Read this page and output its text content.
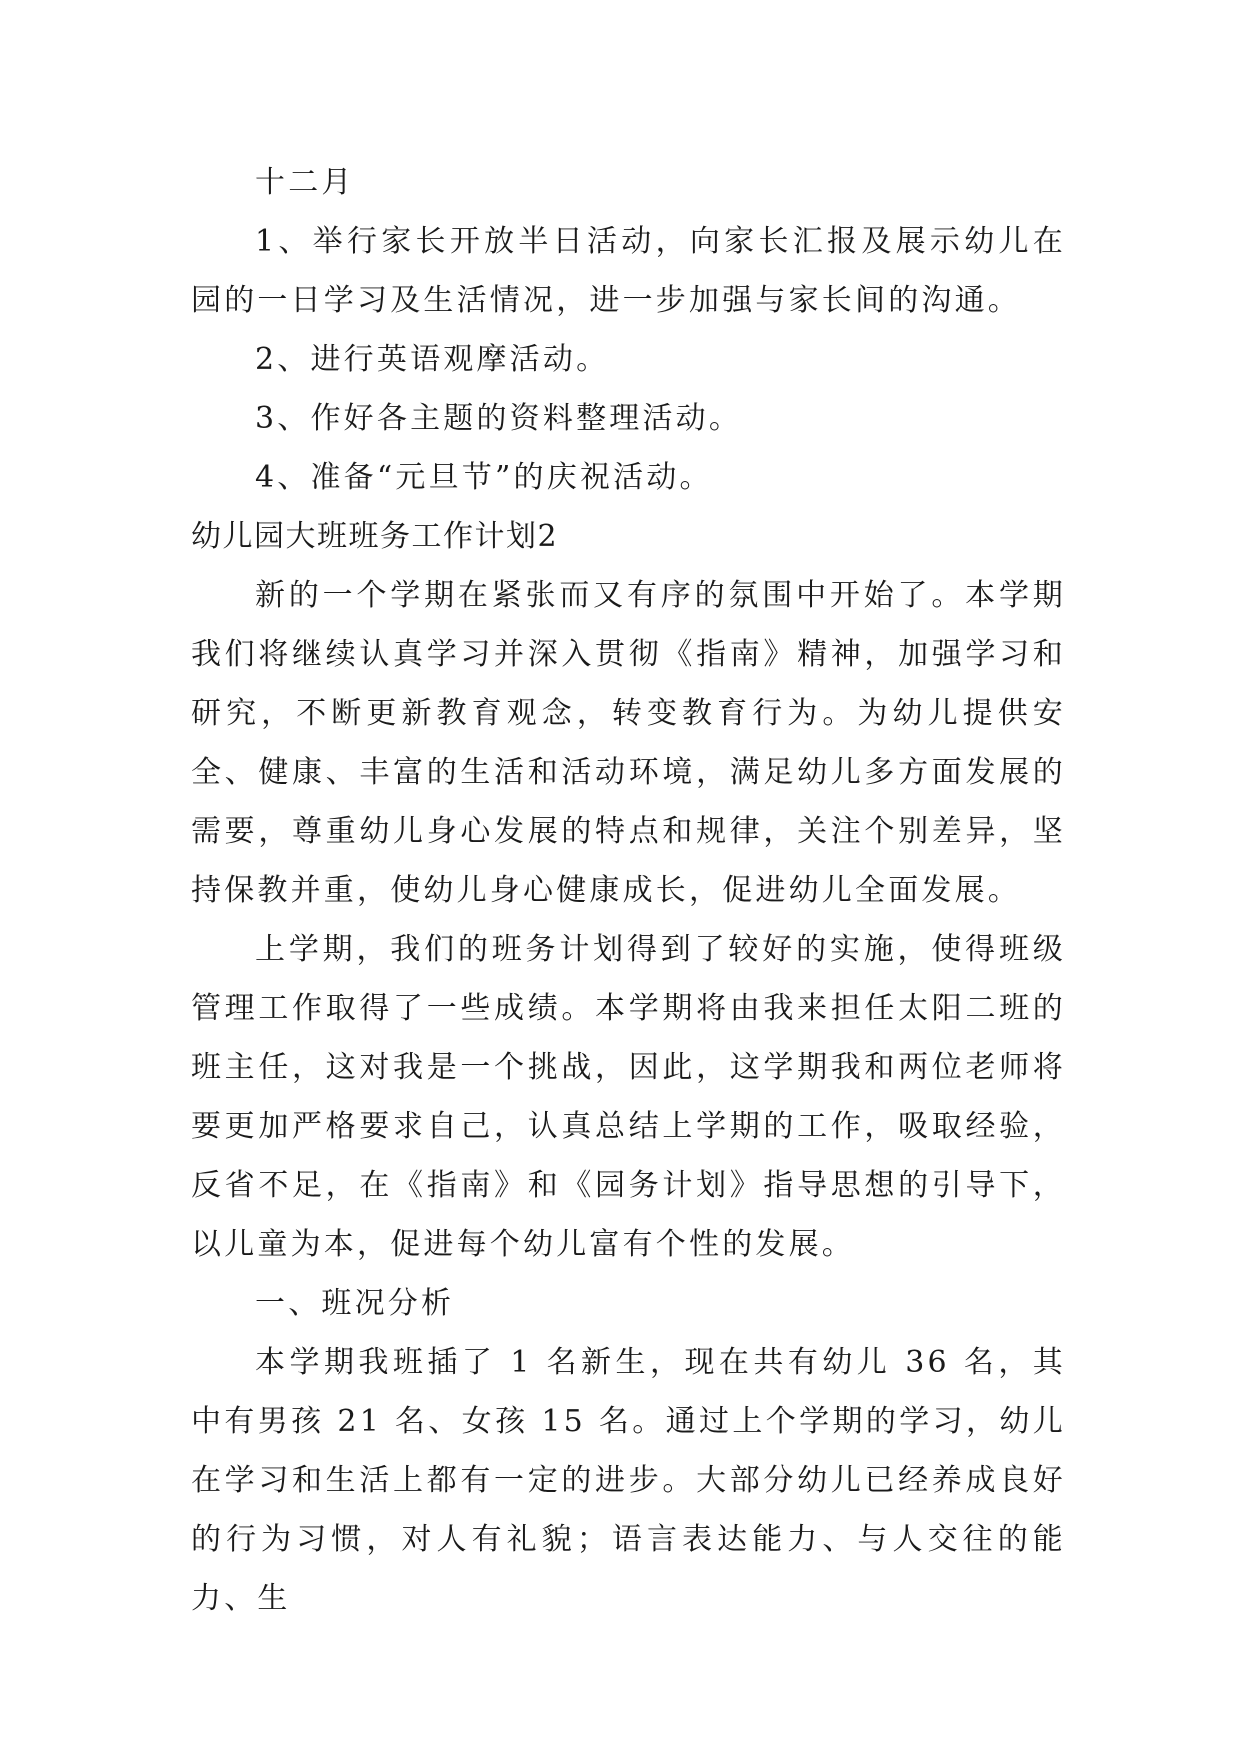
十二月

1、举行家长开放半日活动，向家长汇报及展示幼儿在园的一日学习及生活情况，进一步加强与家长间的沟通。

2、进行英语观摩活动。

3、作好各主题的资料整理活动。

4、准备“元旦节”的庆祝活动。

幼儿园大班班务工作计划2

新的一个学期在紧张而又有序的氛围中开始了。本学期我们将继续认真学习并深入贯彻《指南》精神，加强学习和研究，不断更新教育观念，转变教育行为。为幼儿提供安全、健康、丰富的生活和活动环境，满足幼儿多方面发展的需要，尊重幼儿身心发展的特点和规律，关注个别差异，坚持保教并重，使幼儿身心健康成长，促进幼儿全面发展。

上学期，我们的班务计划得到了较好的实施，使得班级管理工作取得了一些成绩。本学期将由我来担任太阳二班的班主任，这对我是一个挑战，因此，这学期我和两位老师将要更加严格要求自己，认真总结上学期的工作，吸取经验，反省不足，在《指南》和《园务计划》指导思想的引导下，以儿童为本，促进每个幼儿富有个性的发展。

一、班况分析

本学期我班插了 1 名新生，现在共有幼儿 36 名，其中有男孩 21 名、女孩 15 名。通过上个学期的学习，幼儿在学习和生活上都有一定的进步。大部分幼儿已经养成良好的行为习惯，对人有礼貌；语言表达能力、与人交往的能力、生
